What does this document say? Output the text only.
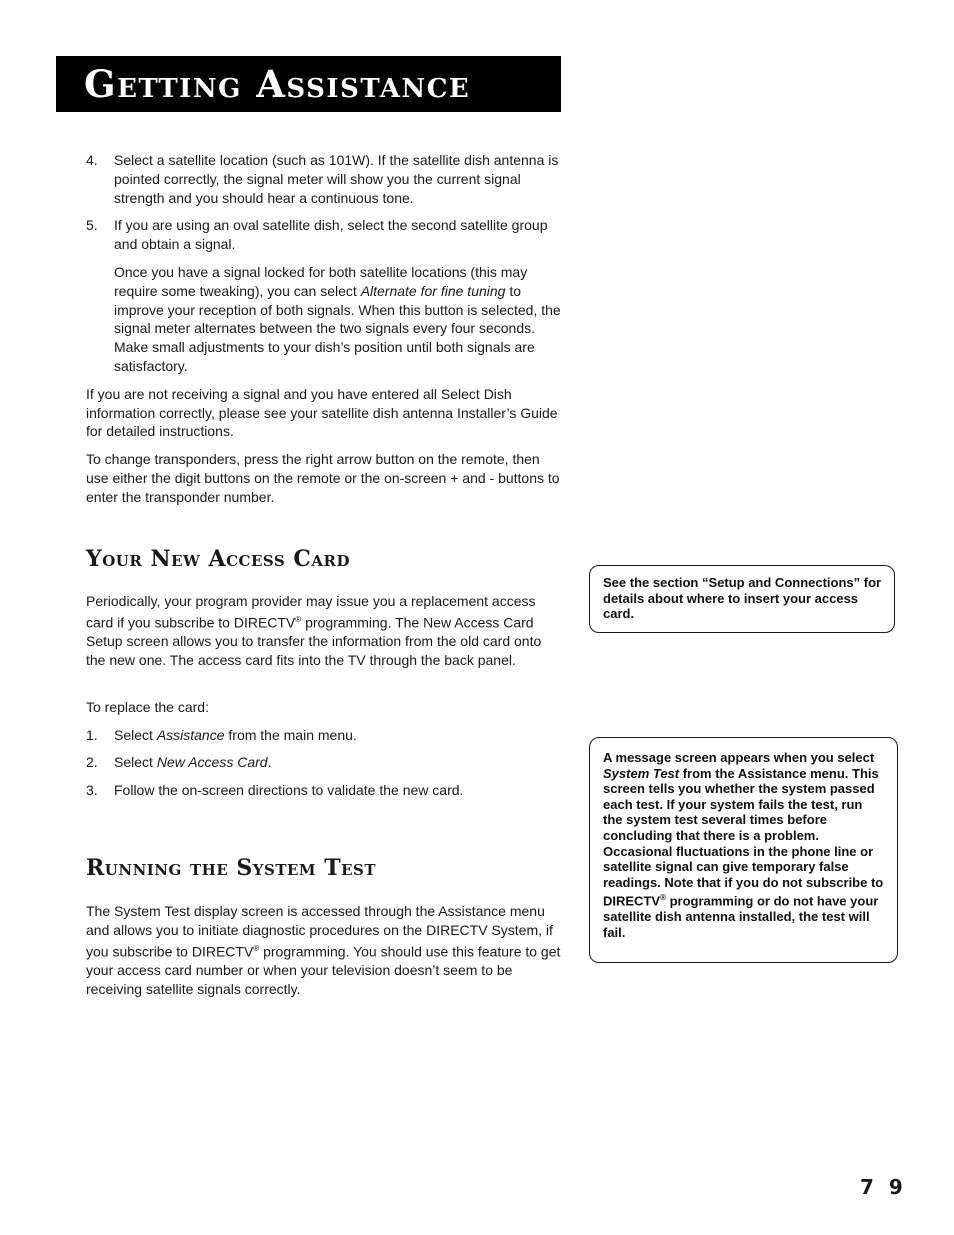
Getting Assistance
4. Select a satellite location (such as 101W). If the satellite dish antenna is pointed correctly, the signal meter will show you the current signal strength and you should hear a continuous tone.
5. If you are using an oval satellite dish, select the second satellite group and obtain a signal.

Once you have a signal locked for both satellite locations (this may require some tweaking), you can select Alternate for fine tuning to improve your reception of both signals. When this button is selected, the signal meter alternates between the two signals every four seconds. Make small adjustments to your dish’s position until both signals are satisfactory.

If you are not receiving a signal and you have entered all Select Dish information correctly, please see your satellite dish antenna Installer’s Guide for detailed instructions.

To change transponders, press the right arrow button on the remote, then use either the digit buttons on the remote or the on-screen + and - buttons to enter the transponder number.

Your New Access Card

Periodically, your program provider may issue you a replacement access card if you subscribe to DIRECTV® programming. The New Access Card Setup screen allows you to transfer the information from the old card onto the new one. The access card fits into the TV through the back panel.

To replace the card:

1. Select Assistance from the main menu.
2. Select New Access Card.
3. Follow the on-screen directions to validate the new card.
Running the System Test

The System Test display screen is accessed through the Assistance menu and allows you to initiate diagnostic procedures on the DIRECTV System, if you subscribe to DIRECTV® programming. You should use this feature to get your access card number or when your television doesn’t seem to be receiving satellite signals correctly.

See the section “Setup and Connections” for details about where to insert your access card.
A message screen appears when you select System Test from the Assistance menu. This screen tells you whether the system passed each test. If your system fails the test, run the system test several times before concluding that there is a problem. Occasional fluctuations in the phone line or satellite signal can give temporary false readings. Note that if you do not subscribe to DIRECTV® programming or do not have your satellite dish antenna installed, the test will fail.

7 9
